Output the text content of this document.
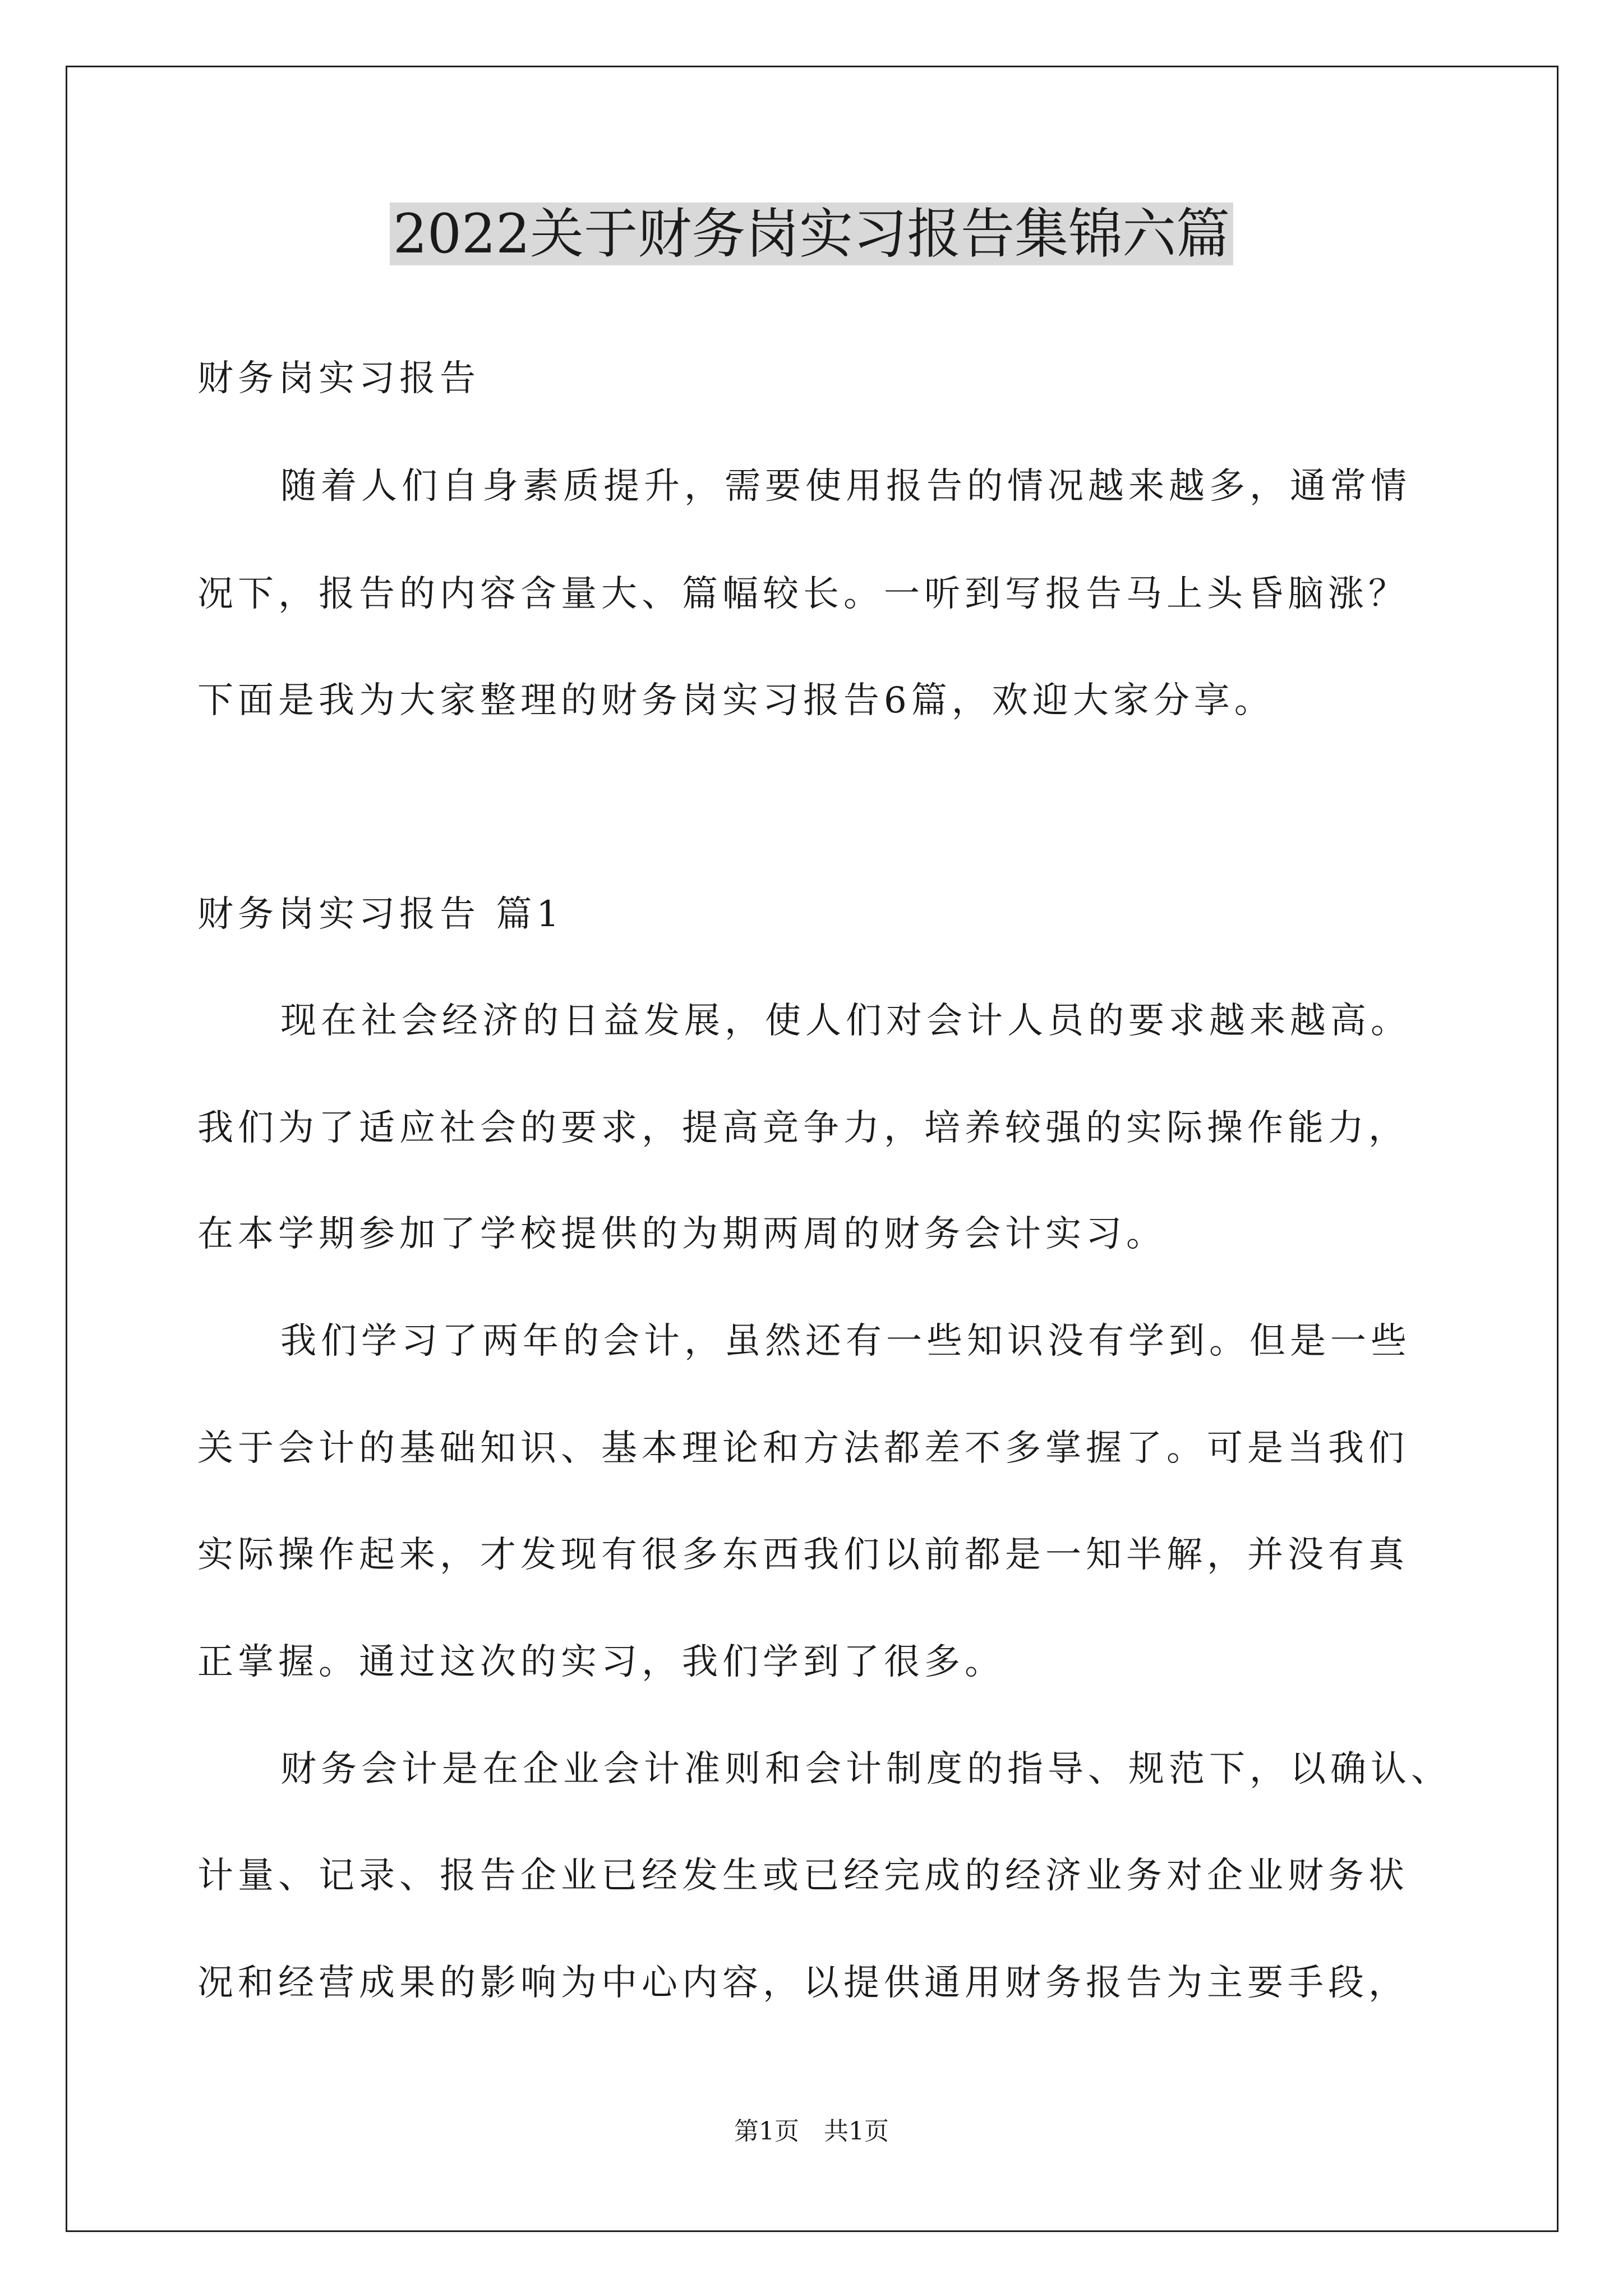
2022关于财务岗实习报告集锦六篇
财务岗实习报告
随着人们自身素质提升，需要使用报告的情况越来越多，通常情
况下，报告的内容含量大、篇幅较长。一听到写报告马上头昏脑涨？
下面是我为大家整理的财务岗实习报告6篇，欢迎大家分享。
财务岗实习报告 篇1
现在社会经济的日益发展，使人们对会计人员的要求越来越高。
我们为了适应社会的要求，提高竞争力，培养较强的实际操作能力，
在本学期参加了学校提供的为期两周的财务会计实习。
我们学习了两年的会计，虽然还有一些知识没有学到。但是一些
关于会计的基础知识、基本理论和方法都差不多掌握了。可是当我们
实际操作起来，才发现有很多东西我们以前都是一知半解，并没有真
正掌握。通过这次的实习，我们学到了很多。
财务会计是在企业会计准则和会计制度的指导、规范下，以确认、
计量、记录、报告企业已经发生或已经完成的经济业务对企业财务状
况和经营成果的影响为中心内容，以提供通用财务报告为主要手段，
第1页　共1页
